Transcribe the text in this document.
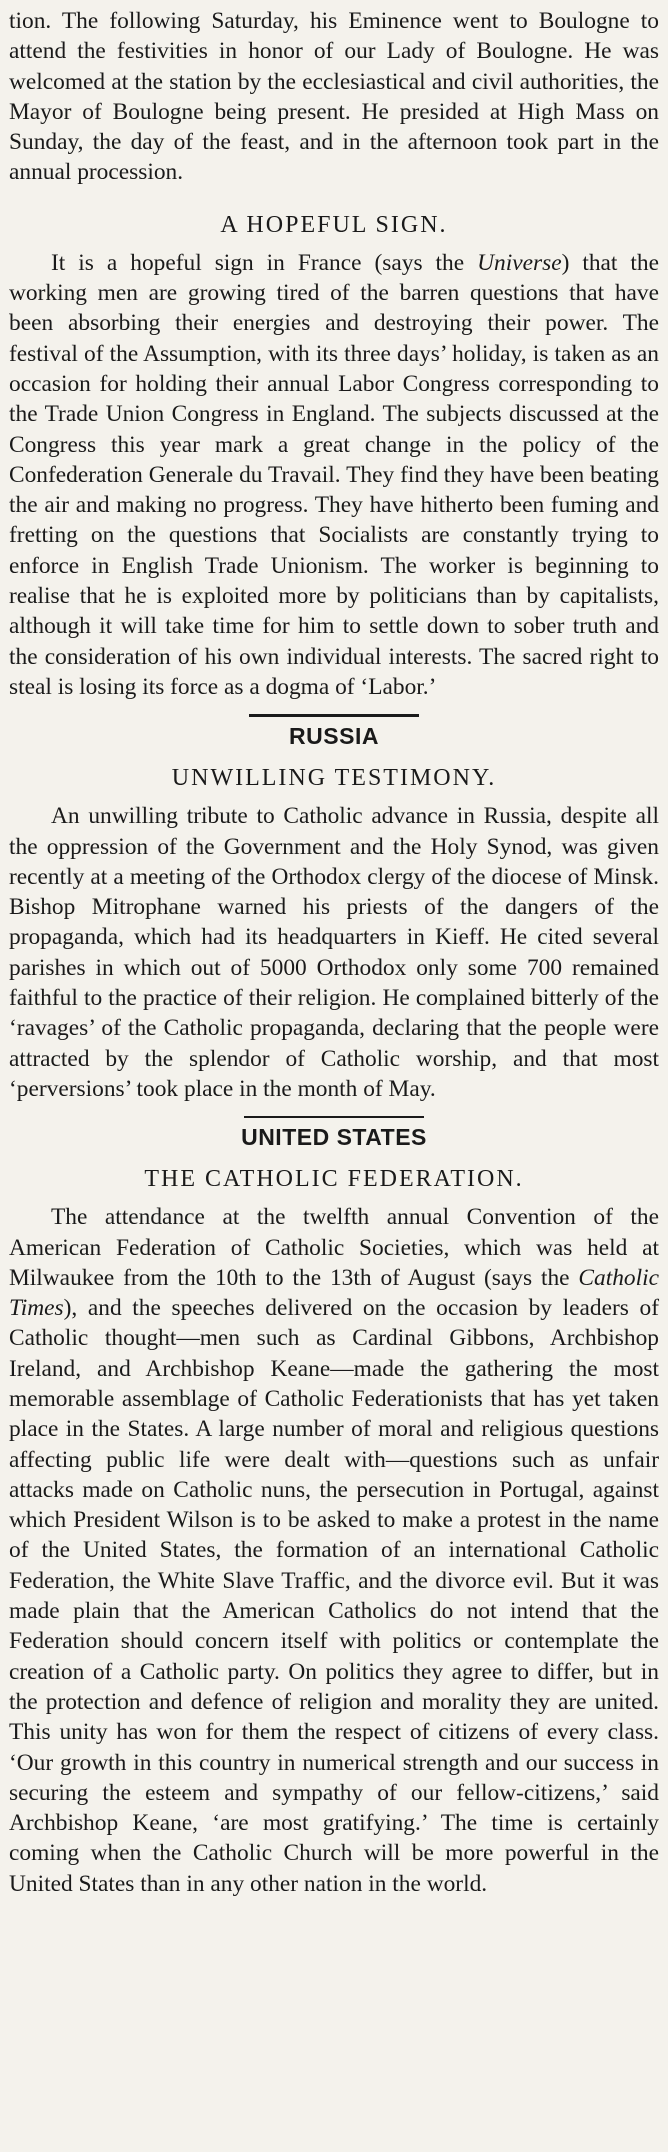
tion. The following Saturday, his Eminence went to Boulogne to attend the festivities in honor of our Lady of Boulogne. He was welcomed at the station by the ecclesiastical and civil authorities, the Mayor of Boulogne being present. He presided at High Mass on Sunday, the day of the feast, and in the afternoon took part in the annual procession.

A HOPEFUL SIGN.

It is a hopeful sign in France (says the Universe) that the working men are growing tired of the barren questions that have been absorbing their energies and destroying their power. The festival of the Assumption, with its three days’ holiday, is taken as an occasion for holding their annual Labor Congress corresponding to the Trade Union Congress in England. The subjects discussed at the Congress this year mark a great change in the policy of the Confederation Generale du Travail. They find they have been beating the air and making no progress. They have hitherto been fuming and fretting on the questions that Socialists are constantly trying to enforce in English Trade Unionism. The worker is beginning to realise that he is exploited more by politicians than by capitalists, although it will take time for him to settle down to sober truth and the consideration of his own individual interests. The sacred right to steal is losing its force as a dogma of ‘Labor.’

RUSSIA
UNWILLING TESTIMONY.

An unwilling tribute to Catholic advance in Russia, despite all the oppression of the Government and the Holy Synod, was given recently at a meeting of the Orthodox clergy of the diocese of Minsk. Bishop Mitrophane warned his priests of the dangers of the propaganda, which had its headquarters in Kieff. He cited several parishes in which out of 5000 Orthodox only some 700 remained faithful to the practice of their religion. He complained bitterly of the ‘ravages’ of the Catholic propaganda, declaring that the people were attracted by the splendor of Catholic worship, and that most ‘perversions’ took place in the month of May.

UNITED STATES
THE CATHOLIC FEDERATION.

The attendance at the twelfth annual Convention of the American Federation of Catholic Societies, which was held at Milwaukee from the 10th to the 13th of August (says the Catholic Times), and the speeches delivered on the occasion by leaders of Catholic thought—men such as Cardinal Gibbons, Archbishop Ireland, and Archbishop Keane—made the gathering the most memorable assemblage of Catholic Federationists that has yet taken place in the States. A large number of moral and religious questions affecting public life were dealt with—questions such as unfair attacks made on Catholic nuns, the persecution in Portugal, against which President Wilson is to be asked to make a protest in the name of the United States, the formation of an international Catholic Federation, the White Slave Traffic, and the divorce evil. But it was made plain that the American Catholics do not intend that the Federation should concern itself with politics or contemplate the creation of a Catholic party. On politics they agree to differ, but in the protection and defence of religion and morality they are united. This unity has won for them the respect of citizens of every class. ‘Our growth in this country in numerical strength and our success in securing the esteem and sympathy of our fellow-citizens,’ said Archbishop Keane, ‘are most gratifying.’ The time is certainly coming when the Catholic Church will be more powerful in the United States than in any other nation in the world.
